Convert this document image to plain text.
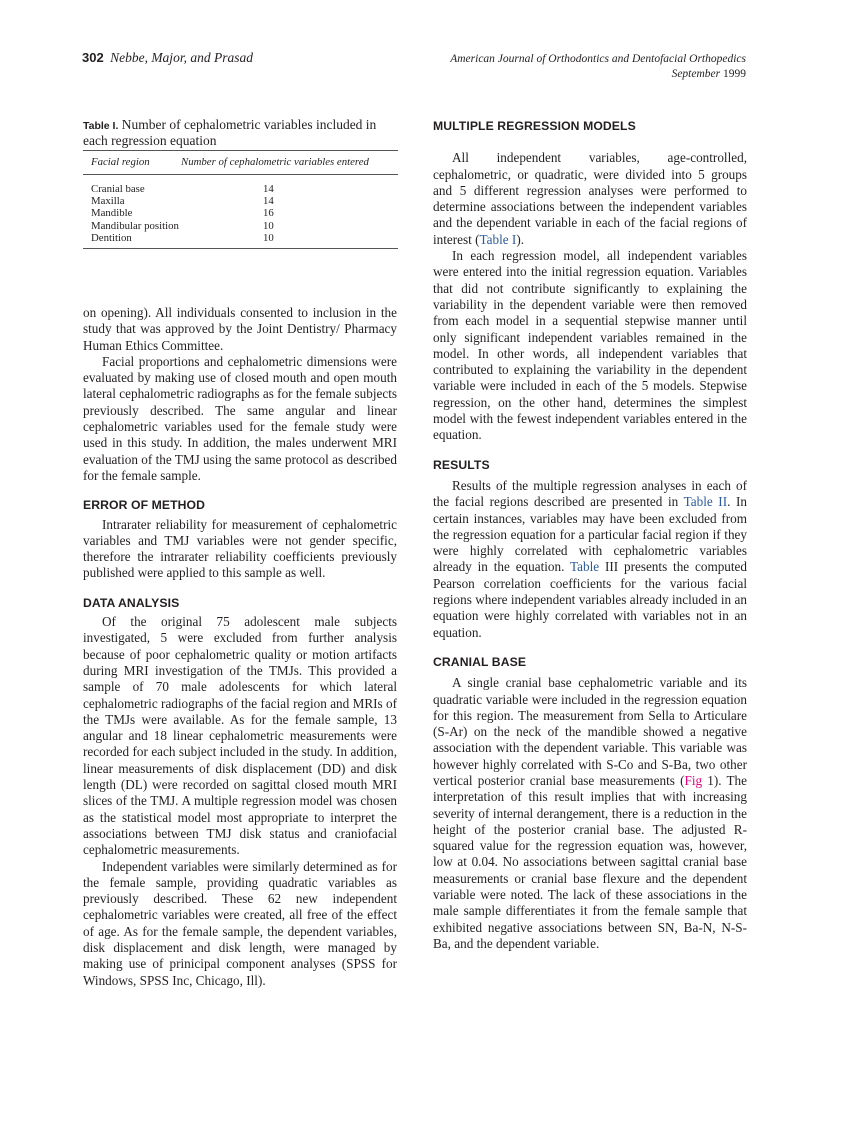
302 Nebbe, Major, and Prasad	American Journal of Orthodontics and Dentofacial Orthopedics
September 1999
Table I. Number of cephalometric variables included in each regression equation
Facial region	Number of cephalometric variables entered
Cranial base	14
Maxilla	14
Mandible	16
Mandibular position	10
Dentition	10

on opening). All individuals consented to inclusion in the study that was approved by the Joint Dentistry/ Pharmacy Human Ethics Committee.

Facial proportions and cephalometric dimensions were evaluated by making use of closed mouth and open mouth lateral cephalometric radiographs as for the female subjects previously described. The same angular and linear cephalometric variables used for the female study were used in this study. In addition, the males underwent MRI evaluation of the TMJ using the same protocol as described for the female sample.

ERROR OF METHOD

Intrarater reliability for measurement of cephalometric variables and TMJ variables were not gender specific, therefore the intrarater reliability coefficients previously published were applied to this sample as well.

DATA ANALYSIS

Of the original 75 adolescent male subjects investigated, 5 were excluded from further analysis because of poor cephalometric quality or motion artifacts during MRI investigation of the TMJs. This provided a sample of 70 male adolescents for which lateral cephalometric radiographs of the facial region and MRIs of the TMJs were available. As for the female sample, 13 angular and 18 linear cephalometric measurements were recorded for each subject included in the study. In addition, linear measurements of disk displacement (DD) and disk length (DL) were recorded on sagittal closed mouth MRI slices of the TMJ. A multiple regression model was chosen as the statistical model most appropriate to interpret the associations between TMJ disk status and craniofacial cephalometric measurements.

Independent variables were similarly determined as for the female sample, providing quadratic variables as previously described. These 62 new independent cephalometric variables were created, all free of the effect of age. As for the female sample, the dependent variables, disk displacement and disk length, were managed by making use of prinicipal component analyses (SPSS for Windows, SPSS Inc, Chicago, Ill).

MULTIPLE REGRESSION MODELS

All independent variables, age-controlled, cephalometric, or quadratic, were divided into 5 groups and 5 different regression analyses were performed to determine associations between the independent variables and the dependent variable in each of the facial regions of interest (Table I).

In each regression model, all independent variables were entered into the initial regression equation. Variables that did not contribute significantly to explaining the variability in the dependent variable were then removed from each model in a sequential stepwise manner until only significant independent variables remained in the model. In other words, all independent variables that contributed to explaining the variability in the dependent variable were included in each of the 5 models. Stepwise regression, on the other hand, determines the simplest model with the fewest independent variables entered in the equation.

RESULTS

Results of the multiple regression analyses in each of the facial regions described are presented in Table II. In certain instances, variables may have been excluded from the regression equation for a particular facial region if they were highly correlated with cephalometric variables already in the equation. Table III presents the computed Pearson correlation coefficients for the various facial regions where independent variables already included in an equation were highly correlated with variables not in an equation.

CRANIAL BASE

A single cranial base cephalometric variable and its quadratic variable were included in the regression equation for this region. The measurement from Sella to Articulare (S-Ar) on the neck of the mandible showed a negative association with the dependent variable. This variable was however highly correlated with S-Co and S-Ba, two other vertical posterior cranial base measurements (Fig 1). The interpretation of this result implies that with increasing severity of internal derangement, there is a reduction in the height of the posterior cranial base. The adjusted R-squared value for the regression equation was, however, low at 0.04. No associations between sagittal cranial base measurements or cranial base flexure and the dependent variable were noted. The lack of these associations in the male sample differentiates it from the female sample that exhibited negative associations between SN, Ba-N, N-S-Ba, and the dependent variable.
